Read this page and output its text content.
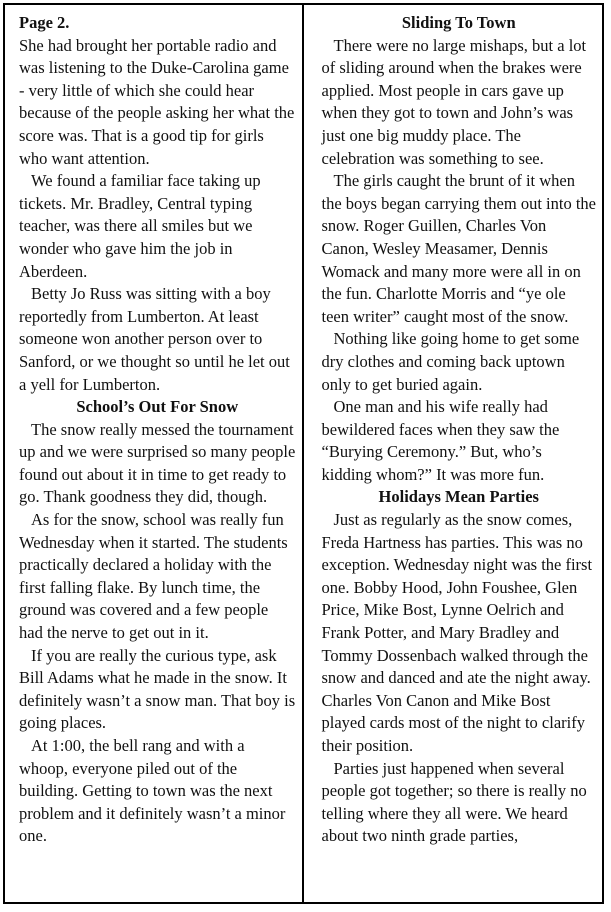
Page 2.

She had brought her portable radio and was listening to the Duke-Carolina game - very little of which she could hear because of the people asking her what the score was. That is a good tip for girls who want attention.

We found a familiar face taking up tickets. Mr. Bradley, Central typing teacher, was there all smiles but we wonder who gave him the job in Aberdeen.

Betty Jo Russ was sitting with a boy reportedly from Lumberton. At least someone won another person over to Sanford, or we thought so until he let out a yell for Lumberton.

School’s Out For Snow

The snow really messed the tournament up and we were surprised so many people found out about it in time to get ready to go. Thank goodness they did, though.

As for the snow, school was really fun Wednesday when it started. The students practically declared a holiday with the first falling flake. By lunch time, the ground was covered and a few people had the nerve to get out in it.

If you are really the curious type, ask Bill Adams what he made in the snow. It definitely wasn’t a snow man. That boy is going places.

At 1:00, the bell rang and with a whoop, everyone piled out of the building. Getting to town was the next problem and it definitely wasn’t a minor one.

Sliding To Town

There were no large mishaps, but a lot of sliding around when the brakes were applied. Most people in cars gave up when they got to town and John’s was just one big muddy place. The celebration was something to see.

The girls caught the brunt of it when the boys began carrying them out into the snow. Roger Guillen, Charles Von Canon, Wesley Measamer, Dennis Womack and many more were all in on the fun. Charlotte Morris and “ye ole teen writer” caught most of the snow.

Nothing like going home to get some dry clothes and coming back uptown only to get buried again.

One man and his wife really had bewildered faces when they saw the “Burying Ceremony.” But, who’s kidding whom?” It was more fun.

Holidays Mean Parties

Just as regularly as the snow comes, Freda Hartness has parties. This was no exception. Wednesday night was the first one. Bobby Hood, John Foushee, Glen Price, Mike Bost, Lynne Oelrich and Frank Potter, and Mary Bradley and Tommy Dossenbach walked through the snow and danced and ate the night away. Charles Von Canon and Mike Bost played cards most of the night to clarify their position.

Parties just happened when several people got together; so there is really no telling where they all were. We heard about two ninth grade parties,
